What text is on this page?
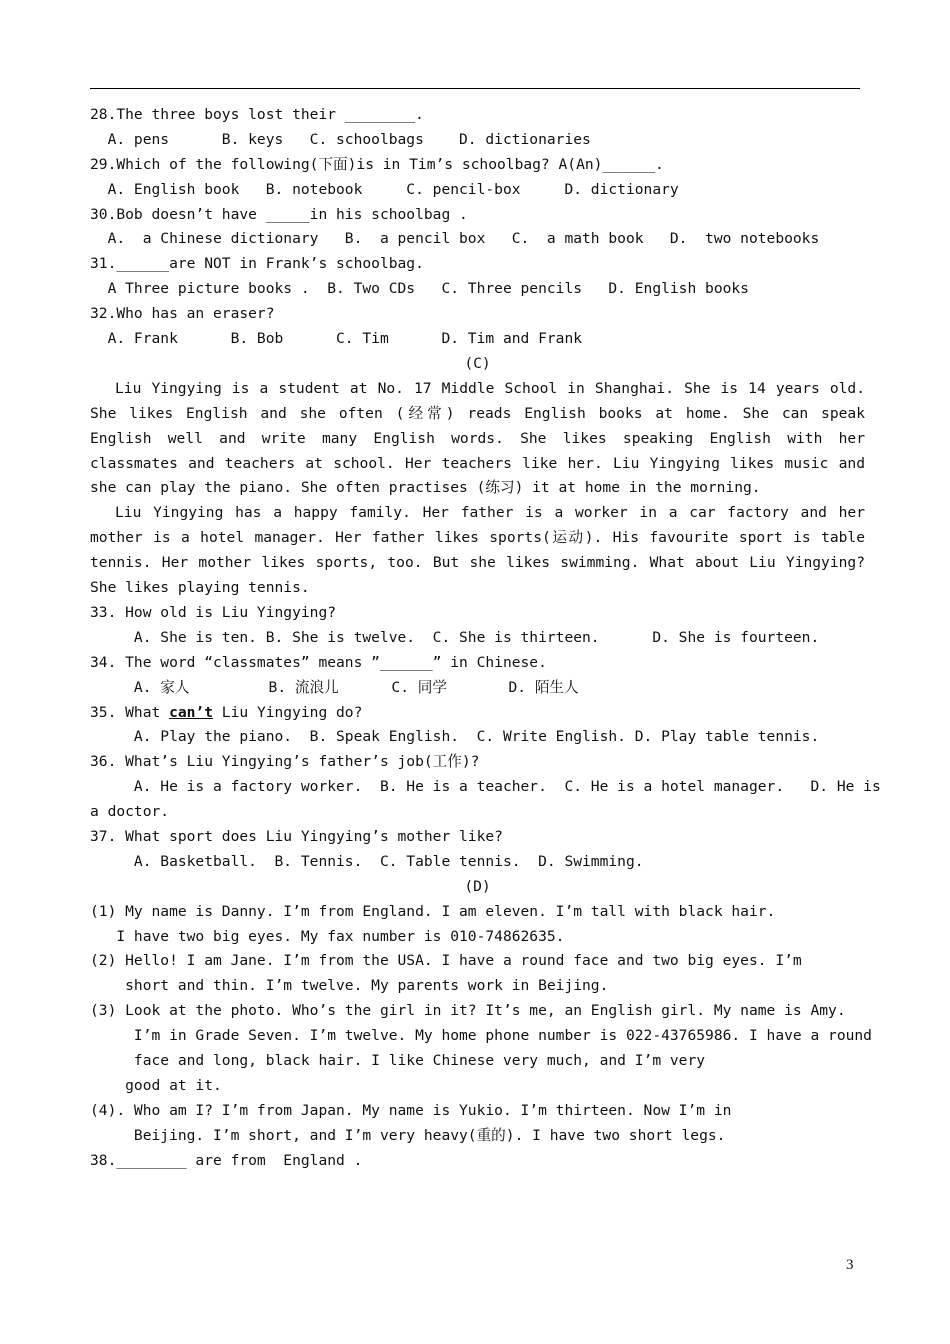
28.The three boys lost their ________.
A. pens      B. keys   C. schoolbags    D. dictionaries
29.Which of the following(下面)is in Tim’s schoolbag? A(An)______.
A. English book   B. notebook     C. pencil-box     D. dictionary
30.Bob doesn’t have _____in his schoolbag .
A.  a Chinese dictionary   B.  a pencil box   C.  a math book   D.  two notebooks
31.______are NOT in Frank’s schoolbag.
A Three picture books .  B. Two CDs   C. Three pencils   D. English books
32.Who has an eraser?
A. Frank      B. Bob      C. Tim      D. Tim and Frank
(C)
Liu Yingying is a student at No. 17 Middle School in Shanghai. She is 14 years old. She likes English and she often (经常) reads English books at home. She can speak English well and write many English words. She likes speaking English with her classmates and teachers at school. Her teachers like her. Liu Yingying likes music and she can play the piano. She often practises (练习) it at home in the morning.
Liu Yingying has a happy family. Her father is a worker in a car factory and her mother is a hotel manager. Her father likes sports(运动). His favourite sport is table tennis. Her mother likes sports, too. But she likes swimming. What about Liu Yingying? She likes playing tennis.
33. How old is Liu Yingying?
A. She is ten. B. She is twelve.  C. She is thirteen.      D. She is fourteen.
34. The word “classmates” means ”______” in Chinese.
A. 家人         B. 流浪儿      C. 同学       D. 陌生人
35. What can’t Liu Yingying do?
A. Play the piano.  B. Speak English.  C. Write English. D. Play table tennis.
36. What’s Liu Yingying’s father’s job(工作)?
A. He is a factory worker.  B. He is a teacher.  C. He is a hotel manager.   D. He is
a doctor.
37. What sport does Liu Yingying’s mother like?
A. Basketball.  B. Tennis.  C. Table tennis.  D. Swimming.
(D)
(1) My name is Danny. I’m from England. I am eleven. I’m tall with black hair.
I have two big eyes. My fax number is 010-74862635.
(2) Hello! I am Jane. I’m from the USA. I have a round face and two big eyes. I’m
short and thin. I’m twelve. My parents work in Beijing.
(3) Look at the photo. Who’s the girl in it? It’s me, an English girl. My name is Amy.
I’m in Grade Seven. I’m twelve. My home phone number is 022-43765986. I have a round
face and long, black hair. I like Chinese very much, and I’m very
good at it.
(4). Who am I? I’m from Japan. My name is Yukio. I’m thirteen. Now I’m in
Beijing. I’m short, and I’m very heavy(重的). I have two short legs.
38.________ are from  England .
3
